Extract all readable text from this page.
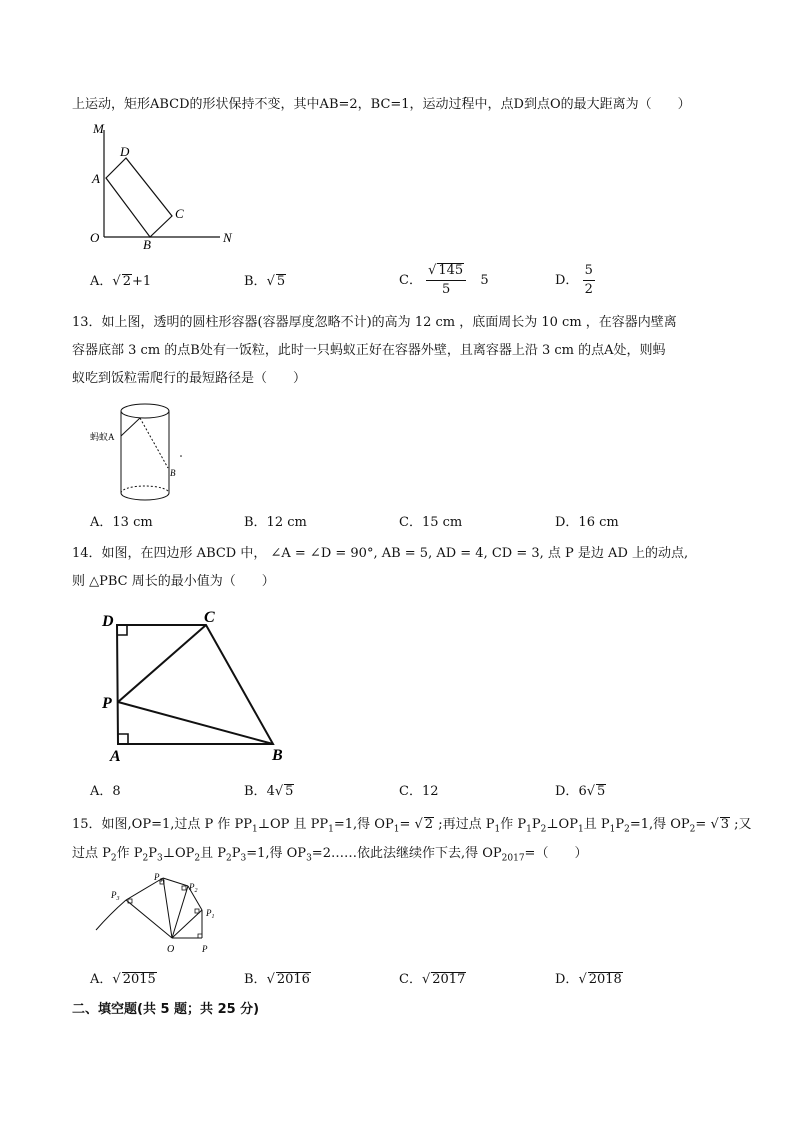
上运动，矩形ABCD的形状保持不变，其中AB=2，BC=1，运动过程中，点D到点O的最大距离为（　　）
M
D
A
C
O	B	N
A．√ 2+1	B．√ 5	C． $\frac{√ 145}{5} 5$	D． $\frac{5}{2}$
13．如上图，透明的圆柱形容器(容器厚度忽略不计)的高为 12 cm ，底面周长为 10 cm ，在容器内壁离
容器底部 3 cm 的点B处有一饭粒，此时一只蚂蚁正好在容器外壁，且离容器上沿 3 cm 的点A处，则蚂
蚁吃到饭粒需爬行的最短路径是（　　）
蚂蚁A
B
A．13 cm	B．12 cm	C．15 cm	D．16 cm
14．如图，在四边形 ABCD 中， ∠A = ∠D = 90°, AB = 5, AD = 4, CD = 3, 点 P 是边 AD 上的动点,
则 △PBC 周长的最小值为（　　）
D	C
P
A	B
A．8	B．4√ 5	C．12	D．6√ 5
15．如图,OP=1,过点 P 作 $PP_1\perp OP$ 且 $PP_1=1$,得 $OP_1=$ √ 2 ;再过点 $P_1$作 $P_1P_2\perp OP_1$且 $P_1P_2=1$,得 $OP_2=$ √ 3 ;又
过点 $P_2$作 $P_2P_3\perp OP_2$且 $P_2P_3=1$,得 $OP_3=2\dots\dots$依此法继续作下去,得 $OP_{2017}=$（　　）
$P_3$
$P_3$
$P_2$
$P_1$
P
O
A．√ 2015	B．√ 2016	C．√ 2017	D．√ 2018
二、填空题(共 5 题；共 25 分)
